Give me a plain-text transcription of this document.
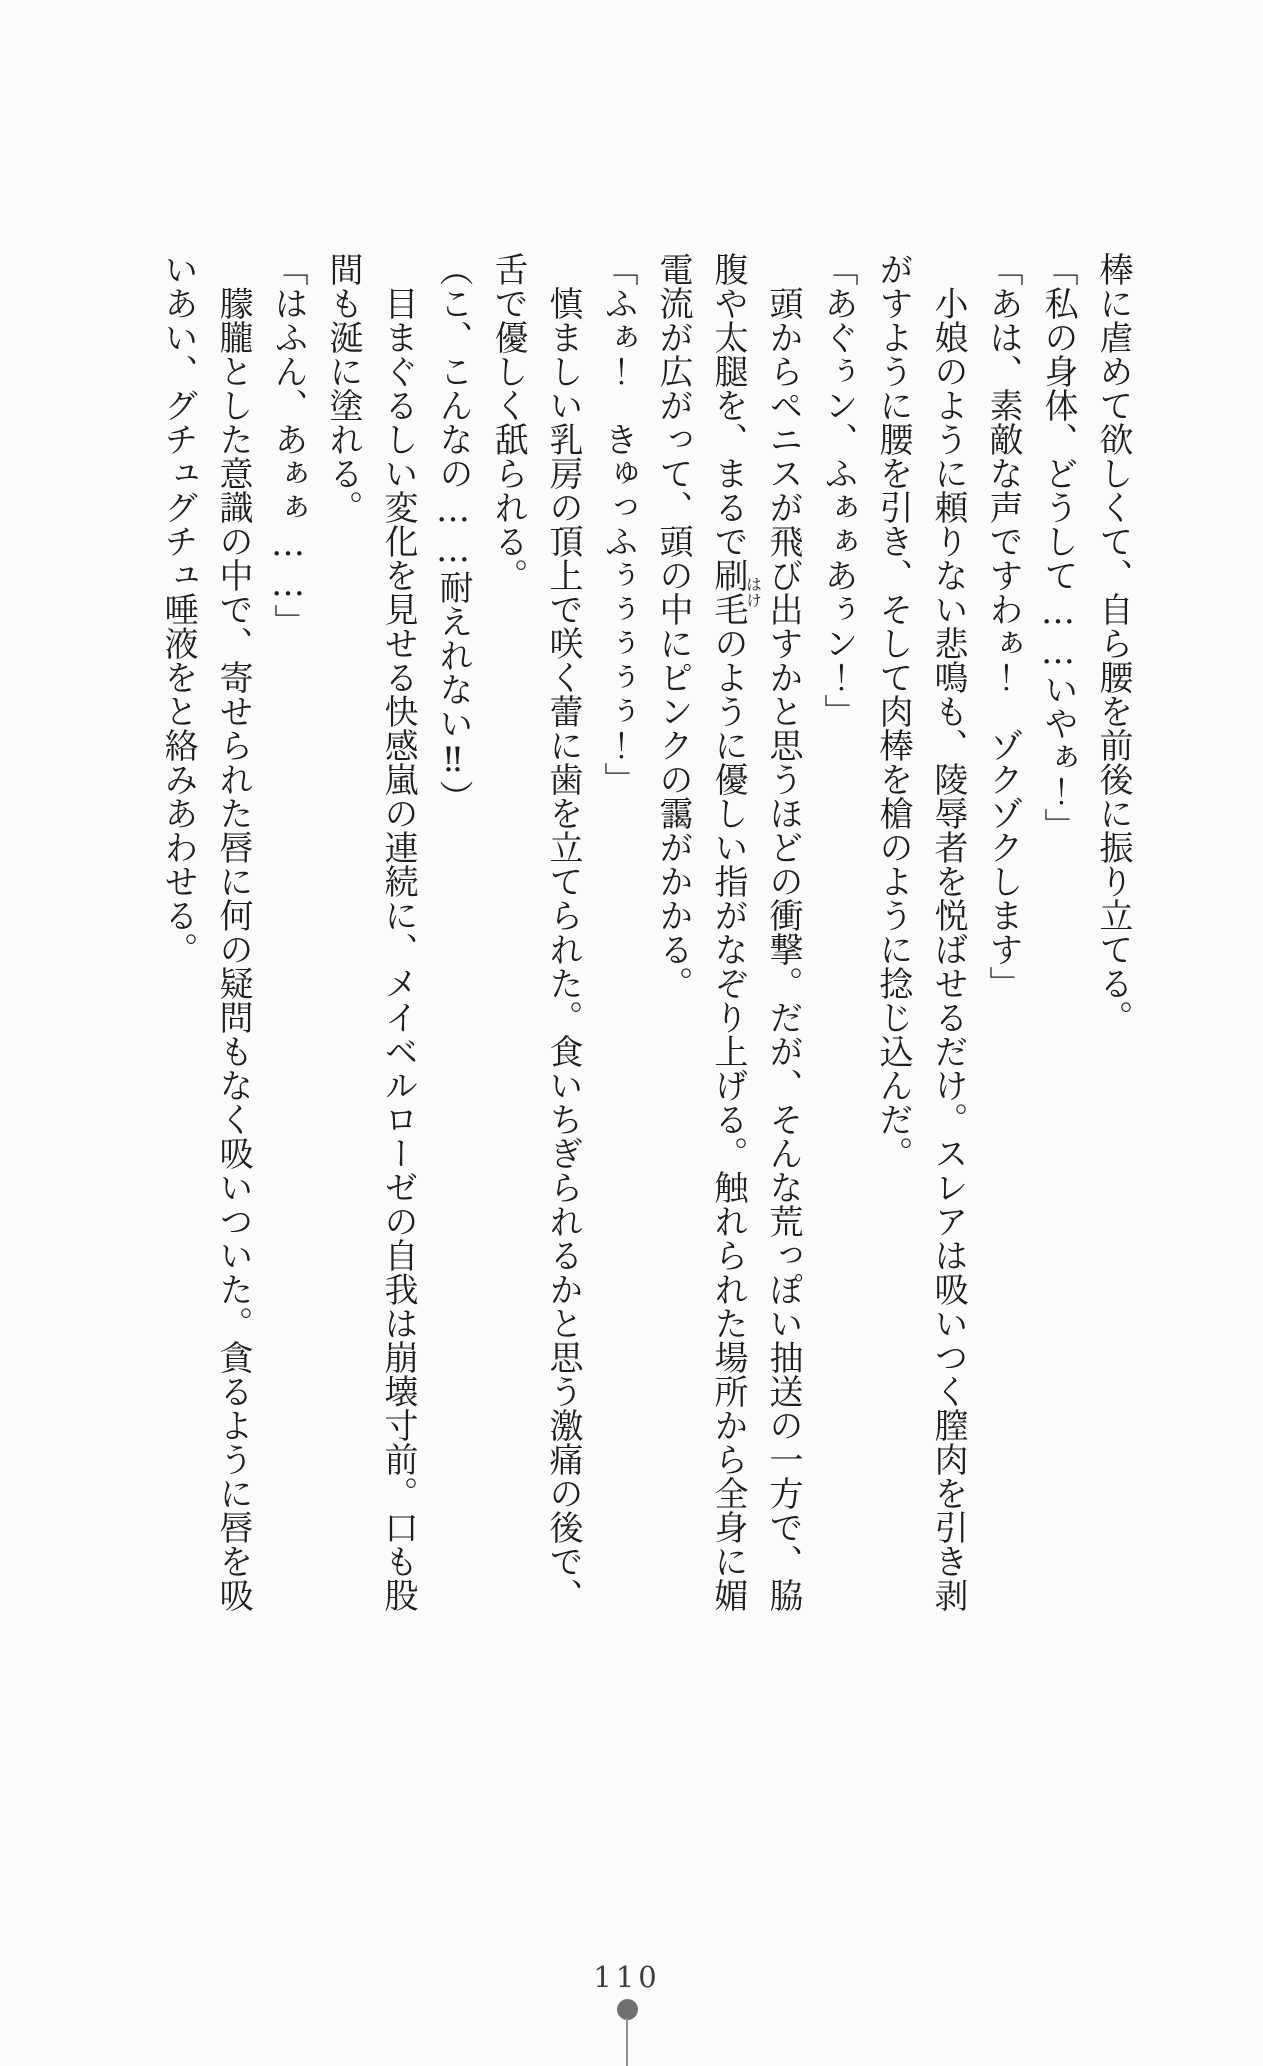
棒に虐めて欲しくて、自ら腰を前後に振り立てる。

「私の身体、どうして……いやぁ！」

「あは、素敵な声ですわぁ！　ゾクゾクします」

小娘のように頼りない悲鳴も、陵辱者を悦ばせるだけ。スレアは吸いつく膣肉を引き剥がすように腰を引き、そして肉棒を槍のように捻じ込んだ。

「あぐぅン、ふぁぁあぅン！」

頭からペニスが飛び出すかと思うほどの衝撃。だが、そんな荒っぽい抽送の一方で、脇腹や太腿を、まるで刷毛はけのように優しい指がなぞり上げる。触れられた場所から全身に媚電流が広がって、頭の中にピンクの靄がかかる。

「ふぁ！　きゅっふぅぅぅぅぅ！」

慎ましい乳房の頂上で咲く蕾に歯を立てられた。食いちぎられるかと思う激痛の後で、舌で優しく舐られる。

（こ、こんなの……耐えれない‼）

目まぐるしい変化を見せる快感嵐の連続に、メイベルローゼの自我は崩壊寸前。口も股間も涎に塗れる。

「はふん、あぁぁ……」

朦朧とした意識の中で、寄せられた唇に何の疑問もなく吸いついた。貪るように唇を吸いあい、グチュグチュ唾液をと絡みあわせる。

110
